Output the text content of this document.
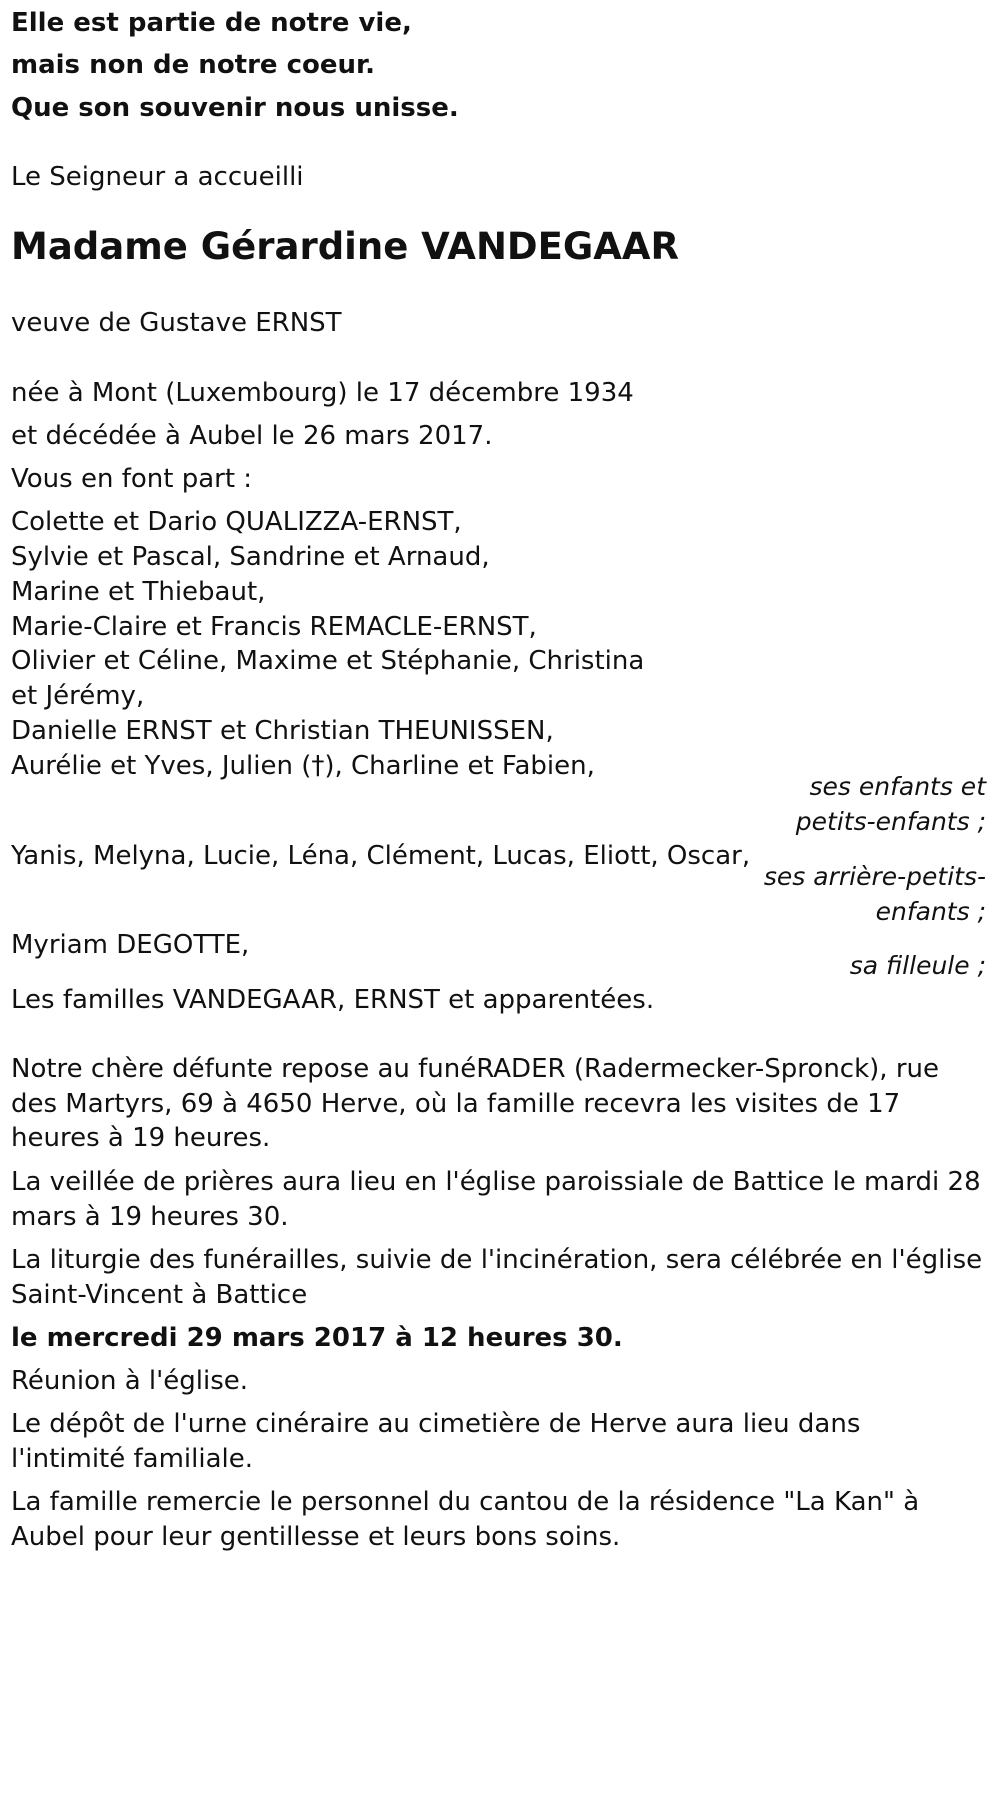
Elle est partie de notre vie,
mais non de notre coeur.
Que son souvenir nous unisse.
Le Seigneur a accueilli
Madame Gérardine VANDEGAAR
veuve de Gustave ERNST
née à Mont (Luxembourg) le 17 décembre 1934
et décédée à Aubel le 26 mars 2017.
Vous en font part :
Colette et Dario QUALIZZA-ERNST,
Sylvie et Pascal, Sandrine et Arnaud,
Marine et Thiebaut,
Marie-Claire et Francis REMACLE-ERNST,
Olivier et Céline, Maxime et Stéphanie, Christina
et Jérémy,
Danielle ERNST et Christian THEUNISSEN,
Aurélie et Yves, Julien (†), Charline et Fabien,
ses enfants et
petits-enfants ;
Yanis, Melyna, Lucie, Léna, Clément, Lucas, Eliott, Oscar,
ses arrière-petits-
enfants ;
Myriam DEGOTTE,
sa filleule ;
Les familles VANDEGAAR, ERNST et apparentées.
Notre chère défunte repose au funéRADER (Radermecker-Spronck), rue
des Martyrs, 69 à 4650 Herve, où la famille recevra les visites de 17
heures à 19 heures.
La veillée de prières aura lieu en l'église paroissiale de Battice le mardi 28
mars à 19 heures 30.
La liturgie des funérailles, suivie de l'incinération, sera célébrée en l'église
Saint-Vincent à Battice
le mercredi 29 mars 2017 à 12 heures 30.
Réunion à l'église.
Le dépôt de l'urne cinéraire au cimetière de Herve aura lieu dans
l'intimité familiale.
La famille remercie le personnel du cantou de la résidence "La Kan" à
Aubel pour leur gentillesse et leurs bons soins.
